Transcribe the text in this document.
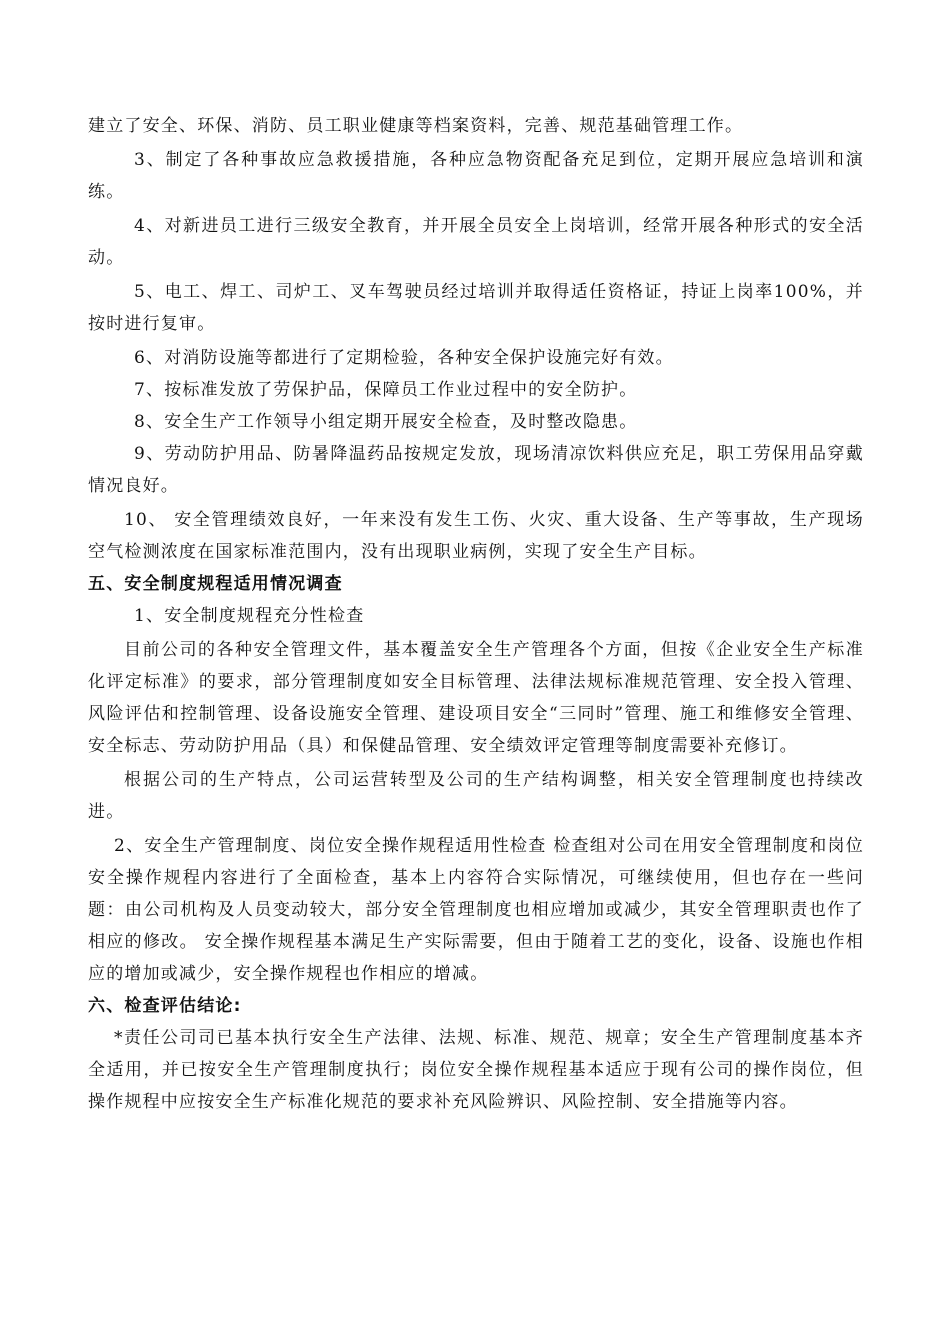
建立了安全、环保、消防、员工职业健康等档案资料，完善、规范基础管理工作。

3、制定了各种事故应急救援措施，各种应急物资配备充足到位，定期开展应急培训和演练。

4、对新进员工进行三级安全教育，并开展全员安全上岗培训，经常开展各种形式的安全活动。

5、电工、焊工、司炉工、叉车驾驶员经过培训并取得适任资格证，持证上岗率100%，并按时进行复审。

6、对消防设施等都进行了定期检验，各种安全保护设施完好有效。

7、按标准发放了劳保护品，保障员工作业过程中的安全防护。

8、安全生产工作领导小组定期开展安全检查，及时整改隐患。

9、劳动防护用品、防暑降温药品按规定发放，现场清凉饮料供应充足，职工劳保用品穿戴情况良好。

10、 安全管理绩效良好，一年来没有发生工伤、火灾、重大设备、生产等事故，生产现场空气检测浓度在国家标准范围内，没有出现职业病例，实现了安全生产目标。

五、安全制度规程适用情况调查

1、安全制度规程充分性检查

目前公司的各种安全管理文件，基本覆盖安全生产管理各个方面，但按《企业安全生产标准化评定标准》的要求，部分管理制度如安全目标管理、法律法规标准规范管理、安全投入管理、风险评估和控制管理、设备设施安全管理、建设项目安全“三同时”管理、施工和维修安全管理、安全标志、劳动防护用品（具）和保健品管理、安全绩效评定管理等制度需要补充修订。

根据公司的生产特点，公司运营转型及公司的生产结构调整，相关安全管理制度也持续改进。

2、安全生产管理制度、岗位安全操作规程适用性检查 检查组对公司在用安全管理制度和岗位安全操作规程内容进行了全面检查，基本上内容符合实际情况，可继续使用，但也存在一些问题：由公司机构及人员变动较大，部分安全管理制度也相应增加或减少，其安全管理职责也作了相应的修改。 安全操作规程基本满足生产实际需要，但由于随着工艺的变化，设备、设施也作相应的增加或减少，安全操作规程也作相应的增减。

六、检查评估结论:

*责任公司司已基本执行安全生产法律、法规、标准、规范、规章；安全生产管理制度基本齐全适用，并已按安全生产管理制度执行；岗位安全操作规程基本适应于现有公司的操作岗位，但操作规程中应按安全生产标准化规范的要求补充风险辨识、风险控制、安全措施等内容。
